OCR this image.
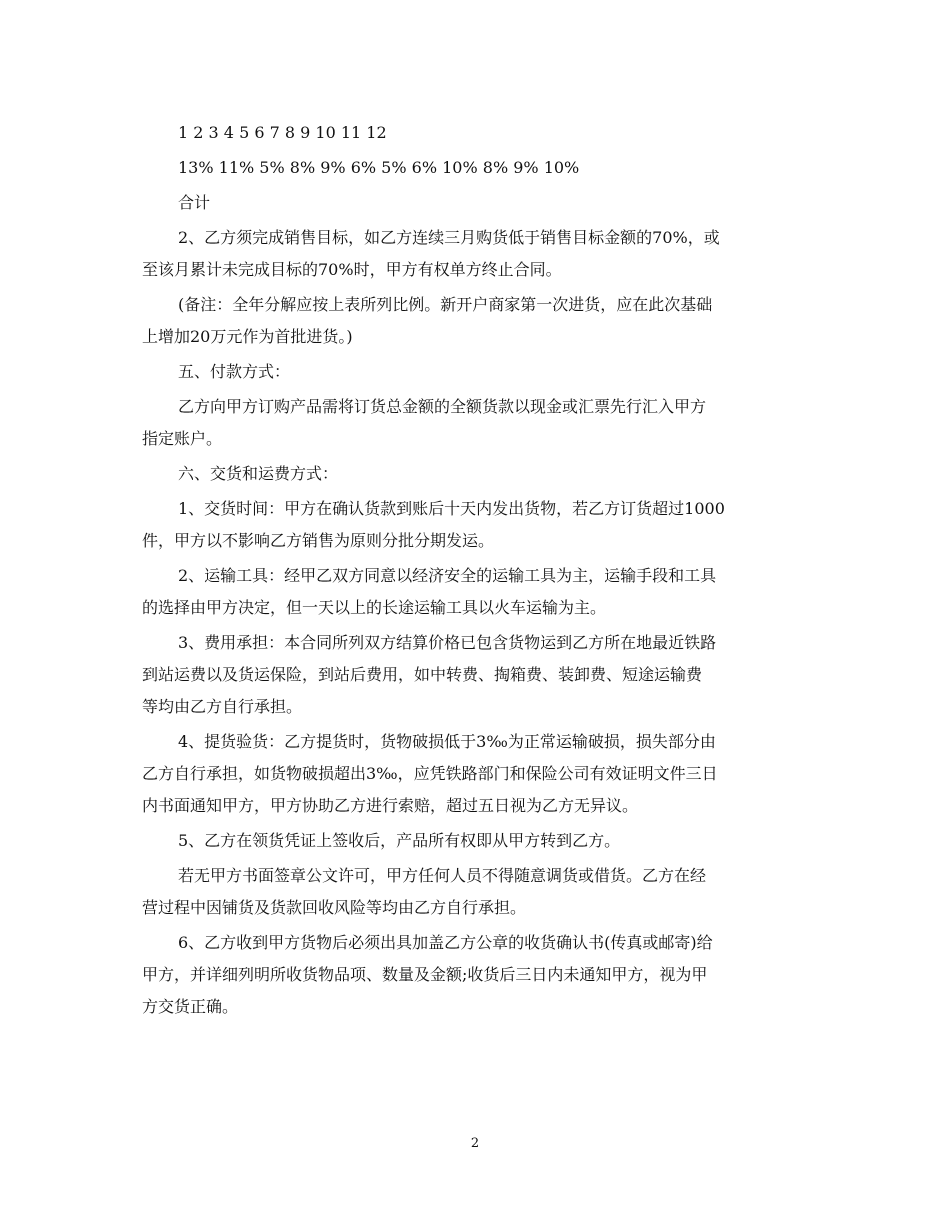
1 2 3 4 5 6 7 8 9 10 11 12
13% 11% 5% 8% 9% 6% 5% 6% 10% 8% 9% 10%
合计
2、乙方须完成销售目标，如乙方连续三月购货低于销售目标金额的70%，或
至该月累计未完成目标的70%时，甲方有权单方终止合同。
(备注：全年分解应按上表所列比例。新开户商家第一次进货，应在此次基础
上增加20万元作为首批进货。)
五、付款方式：
乙方向甲方订购产品需将订货总金额的全额货款以现金或汇票先行汇入甲方
指定账户。
六、交货和运费方式：
1、交货时间：甲方在确认货款到账后十天内发出货物，若乙方订货超过1000
件，甲方以不影响乙方销售为原则分批分期发运。
2、运输工具：经甲乙双方同意以经济安全的运输工具为主，运输手段和工具
的选择由甲方决定，但一天以上的长途运输工具以火车运输为主。
3、费用承担：本合同所列双方结算价格已包含货物运到乙方所在地最近铁路
到站运费以及货运保险，到站后费用，如中转费、掏箱费、装卸费、短途运输费
等均由乙方自行承担。
4、提货验货：乙方提货时，货物破损低于3‰为正常运输破损，损失部分由
乙方自行承担，如货物破损超出3‰，应凭铁路部门和保险公司有效证明文件三日
内书面通知甲方，甲方协助乙方进行索赔，超过五日视为乙方无异议。
5、乙方在领货凭证上签收后，产品所有权即从甲方转到乙方。
若无甲方书面签章公文许可，甲方任何人员不得随意调货或借货。乙方在经
营过程中因铺货及货款回收风险等均由乙方自行承担。
6、乙方收到甲方货物后必须出具加盖乙方公章的收货确认书(传真或邮寄)给
甲方，并详细列明所收货物品项、数量及金额;收货后三日内未通知甲方，视为甲
方交货正确。
2
